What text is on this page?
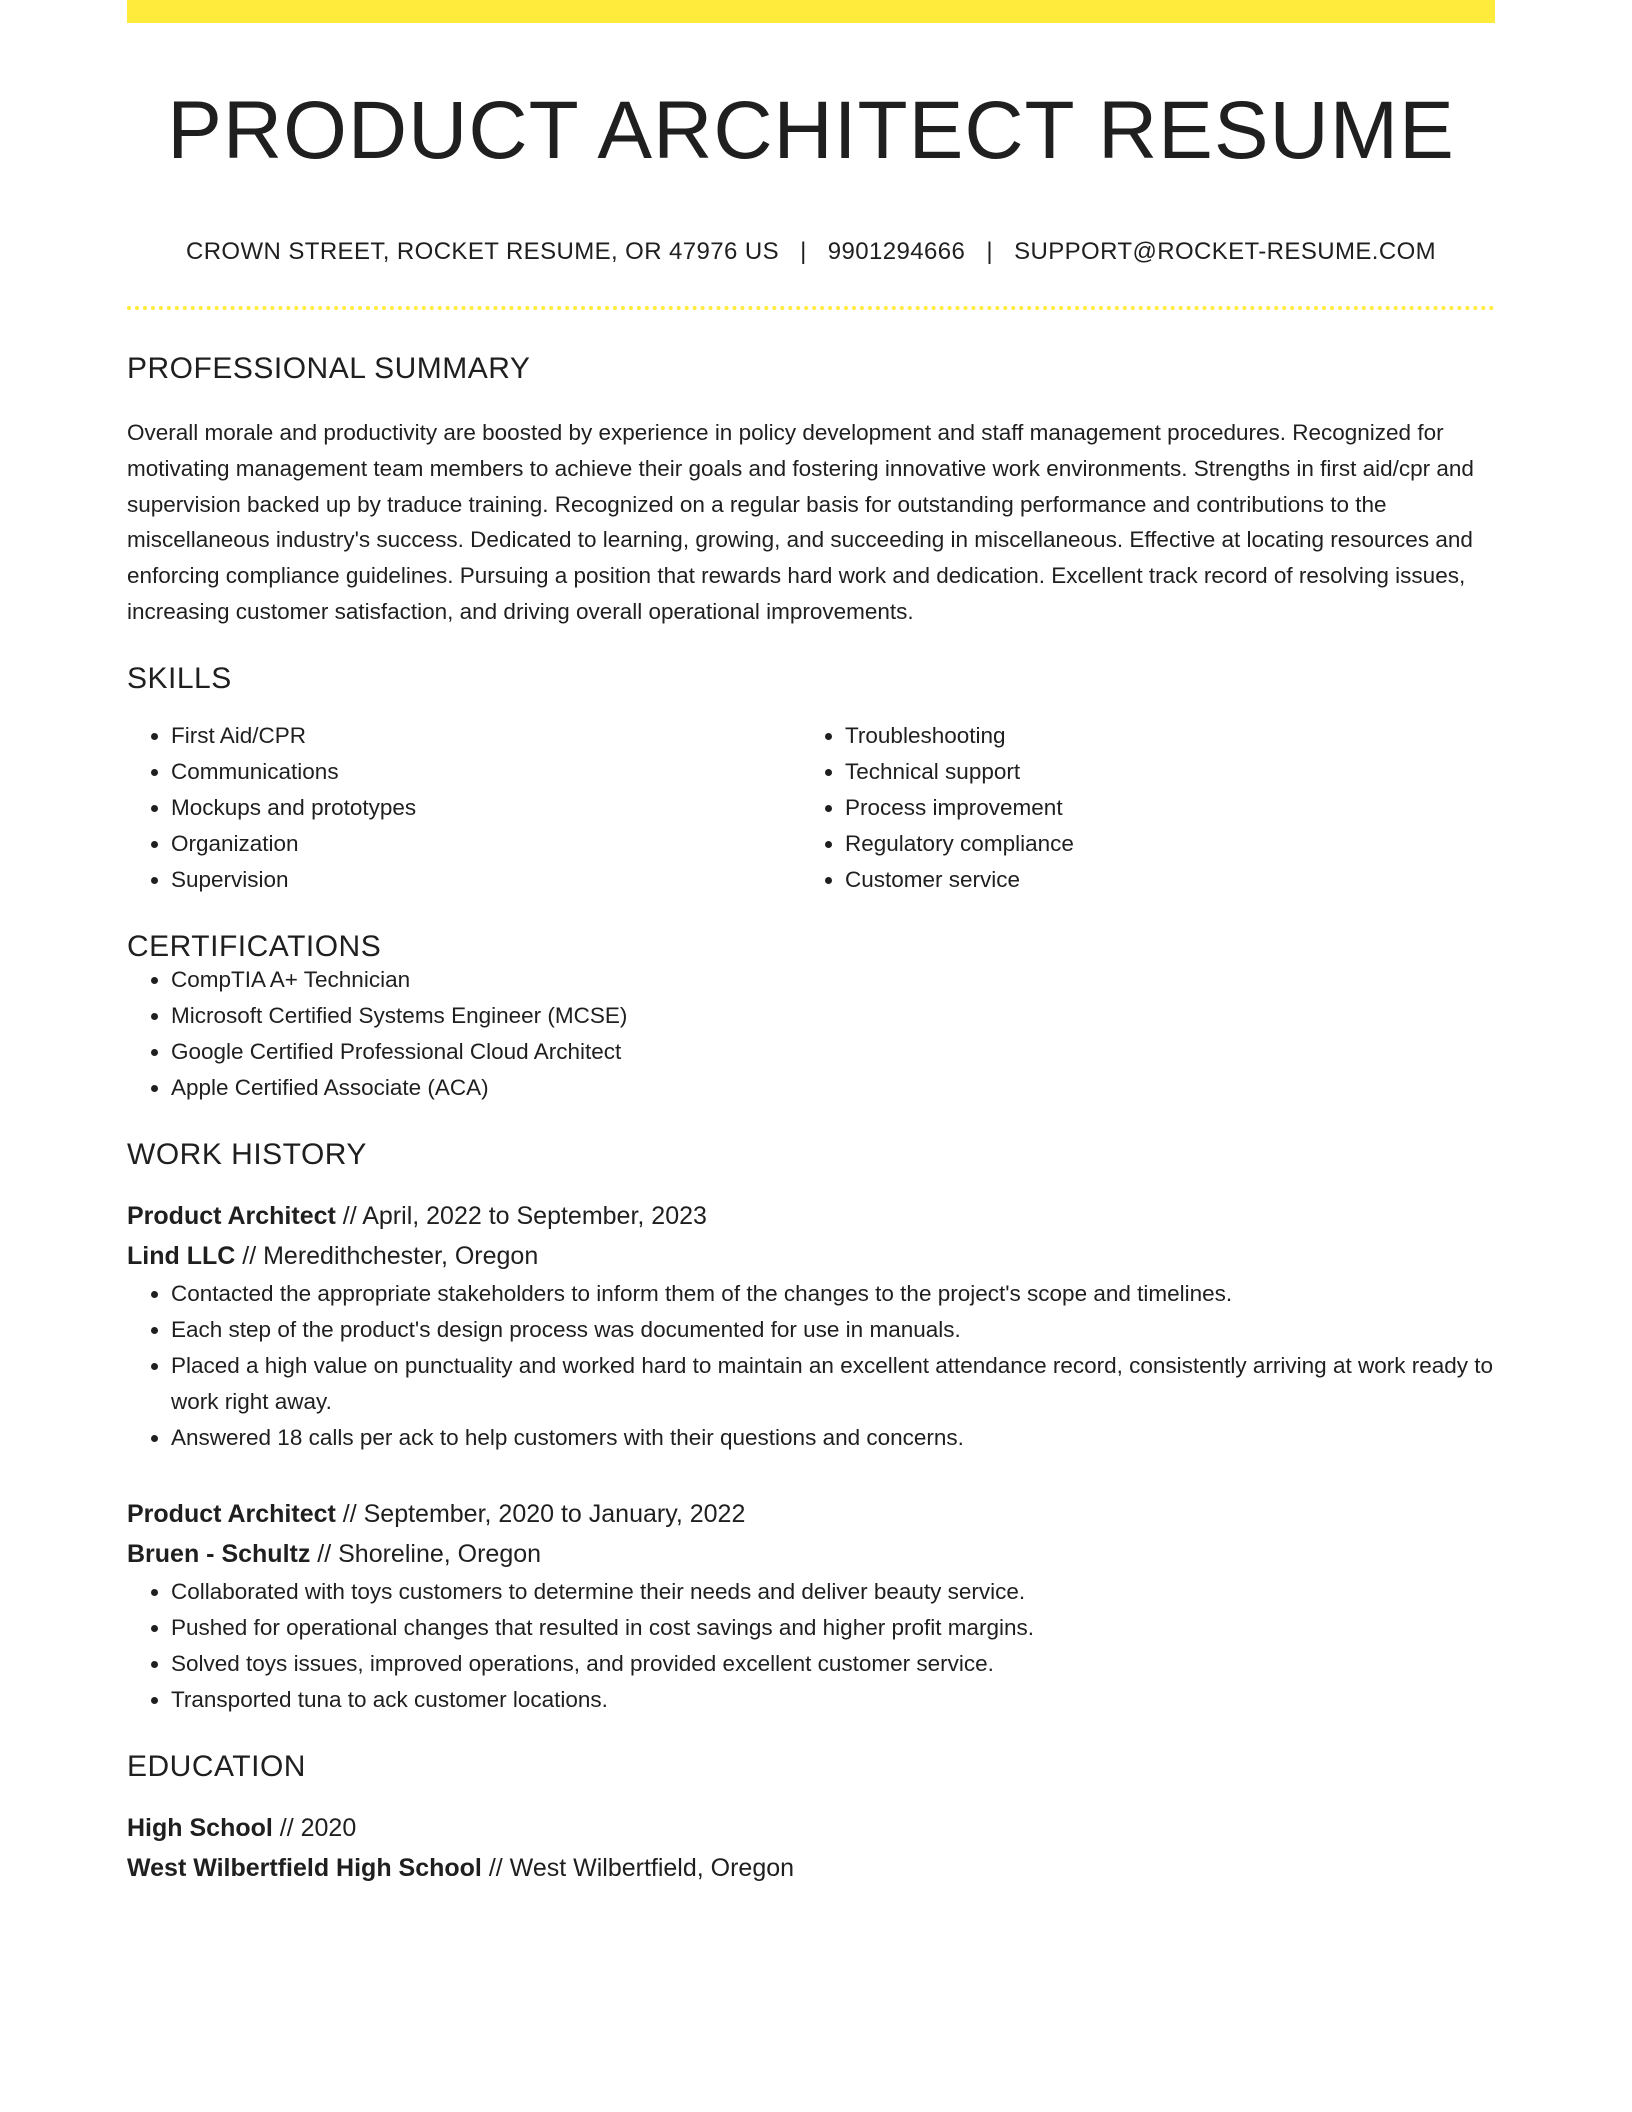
PRODUCT ARCHITECT RESUME
CROWN STREET, ROCKET RESUME, OR 47976 US | 9901294666 | SUPPORT@ROCKET-RESUME.COM
PROFESSIONAL SUMMARY
Overall morale and productivity are boosted by experience in policy development and staff management procedures. Recognized for motivating management team members to achieve their goals and fostering innovative work environments. Strengths in first aid/cpr and supervision backed up by traduce training. Recognized on a regular basis for outstanding performance and contributions to the miscellaneous industry's success. Dedicated to learning, growing, and succeeding in miscellaneous. Effective at locating resources and enforcing compliance guidelines. Pursuing a position that rewards hard work and dedication. Excellent track record of resolving issues, increasing customer satisfaction, and driving overall operational improvements.
SKILLS
• First Aid/CPR
• Communications
• Mockups and prototypes
• Organization
• Supervision
• Troubleshooting
• Technical support
• Process improvement
• Regulatory compliance
• Customer service
CERTIFICATIONS
• CompTIA A+ Technician
• Microsoft Certified Systems Engineer (MCSE)
• Google Certified Professional Cloud Architect
• Apple Certified Associate (ACA)
WORK HISTORY
Product Architect // April, 2022 to September, 2023
Lind LLC // Meredithchester, Oregon
• Contacted the appropriate stakeholders to inform them of the changes to the project's scope and timelines.
• Each step of the product's design process was documented for use in manuals.
• Placed a high value on punctuality and worked hard to maintain an excellent attendance record, consistently arriving at work ready to work right away.
• Answered 18 calls per ack to help customers with their questions and concerns.
Product Architect // September, 2020 to January, 2022
Bruen - Schultz // Shoreline, Oregon
• Collaborated with toys customers to determine their needs and deliver beauty service.
• Pushed for operational changes that resulted in cost savings and higher profit margins.
• Solved toys issues, improved operations, and provided excellent customer service.
• Transported tuna to ack customer locations.
EDUCATION
High School // 2020
West Wilbertfield High School // West Wilbertfield, Oregon
